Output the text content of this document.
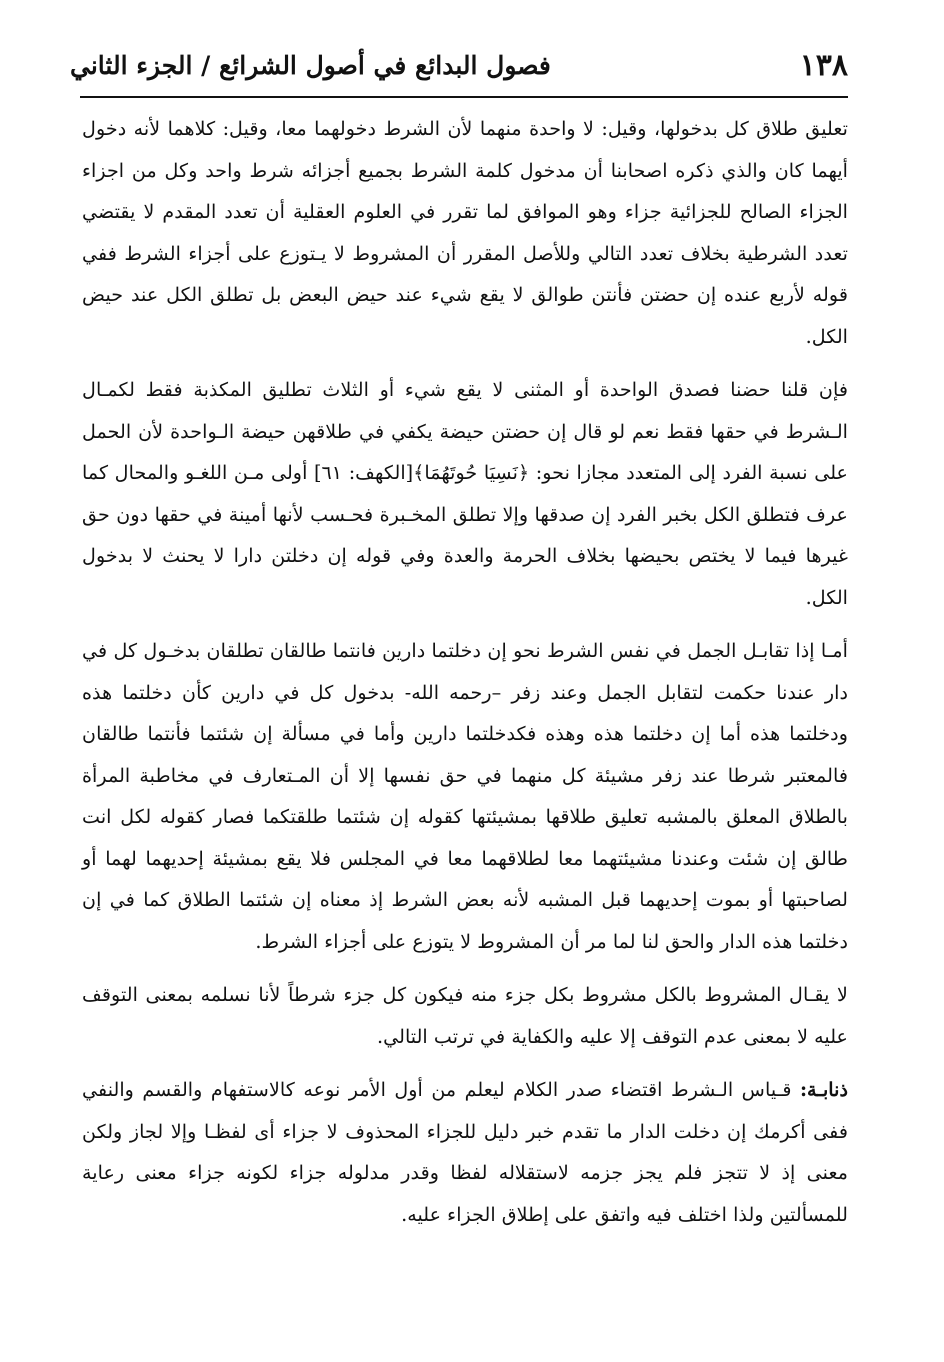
١٣٨
فصول البدائع في أصول الشرائع / الجزء الثاني

تعليق طلاق كل بدخولها، وقيل: لا واحدة منهما لأن الشرط دخولهما معا، وقيل: كلاهما لأنه دخول أيهما كان والذي ذكره اصحابنا أن مدخول كلمة الشرط بجميع أجزائه شرط واحد وكل من اجزاء الجزاء الصالح للجزائية جزاء وهو الموافق لما تقرر في العلوم العقلية أن تعدد المقدم لا يقتضي تعدد الشرطية بخلاف تعدد التالي وللأصل المقرر أن المشروط لا يـتوزع على أجزاء الشرط ففي قوله لأربع عنده إن حضتن فأنتن طوالق لا يقع شيء عند حيض البعض بل تطلق الكل عند حيض الكل.

فإن قلنا حضنا فصدق الواحدة أو المثنى لا يقع شيء أو الثلاث تطليق المكذبة فقط لكمـال الـشرط في حقها فقط نعم لو قال إن حضتن حيضة يكفي في طلاقهن حيضة الـواحدة لأن الحمل على نسبة الفرد إلى المتعدد مجازا نحو: ﴿نَسِيَا حُوتَهُمَا﴾[الكهف: ٦١] أولى مـن اللغـو والمحال كما عرف فتطلق الكل بخبر الفرد إن صدقها وإلا تطلق المخـبرة فحـسب لأنها أمينة في حقها دون حق غيرها فيما لا يختص بحيضها بخلاف الحرمة والعدة وفي قوله إن دخلتن دارا لا يحنث لا بدخول الكل.

أمـا إذا تقابـل الجمل في نفس الشرط نحو إن دخلتما دارين فانتما طالقان تطلقان بدخـول كل في دار عندنا حكمت لتقابل الجمل وعند زفر –رحمه الله- بدخول كل في دارين كأن دخلتما هذه ودخلتما هذه أما إن دخلتما هذه وهذه فكدخلتما دارين وأما في مسألة إن شئتما فأنتما طالقان فالمعتبر شرطا عند زفر مشيئة كل منهما في حق نفسها إلا أن المـتعارف في مخاطبة المرأة بالطلاق المعلق بالمشبه تعليق طلاقها بمشيئتها كقوله إن شئتما طلقتكما فصار كقوله لكل انت طالق إن شئت وعندنا مشيئتهما معا لطلاقهما معا في المجلس فلا يقع بمشيئة إحديهما لهما أو لصاحبتها أو بموت إحديهما قبل المشبه لأنه بعض الشرط إذ معناه إن شئتما الطلاق كما في إن دخلتما هذه الدار والحق لنا لما مر أن المشروط لا يتوزع على أجزاء الشرط.

لا يقـال المشروط بالكل مشروط بكل جزء منه فيكون كل جزء شرطاً لأنا نسلمه بمعنى التوقف عليه لا بمعنى عدم التوقف إلا عليه والكفاية في ترتب التالي.

ذنابـة: قـياس الـشرط اقتضاء صدر الكلام ليعلم من أول الأمر نوعه كالاستفهام والقسم والنفي ففى أكرمك إن دخلت الدار ما تقدم خبر دليل للجزاء المحذوف لا جزاء أى لفظـا وإلا لجاز ولكن معنى إذ لا تتجز فلم يجز جزمه لاستقلاله لفظا وقدر مدلوله جزاء لكونه جزاء معنى رعاية للمسألتين ولذا اختلف فيه واتفق على إطلاق الجزاء عليه.
